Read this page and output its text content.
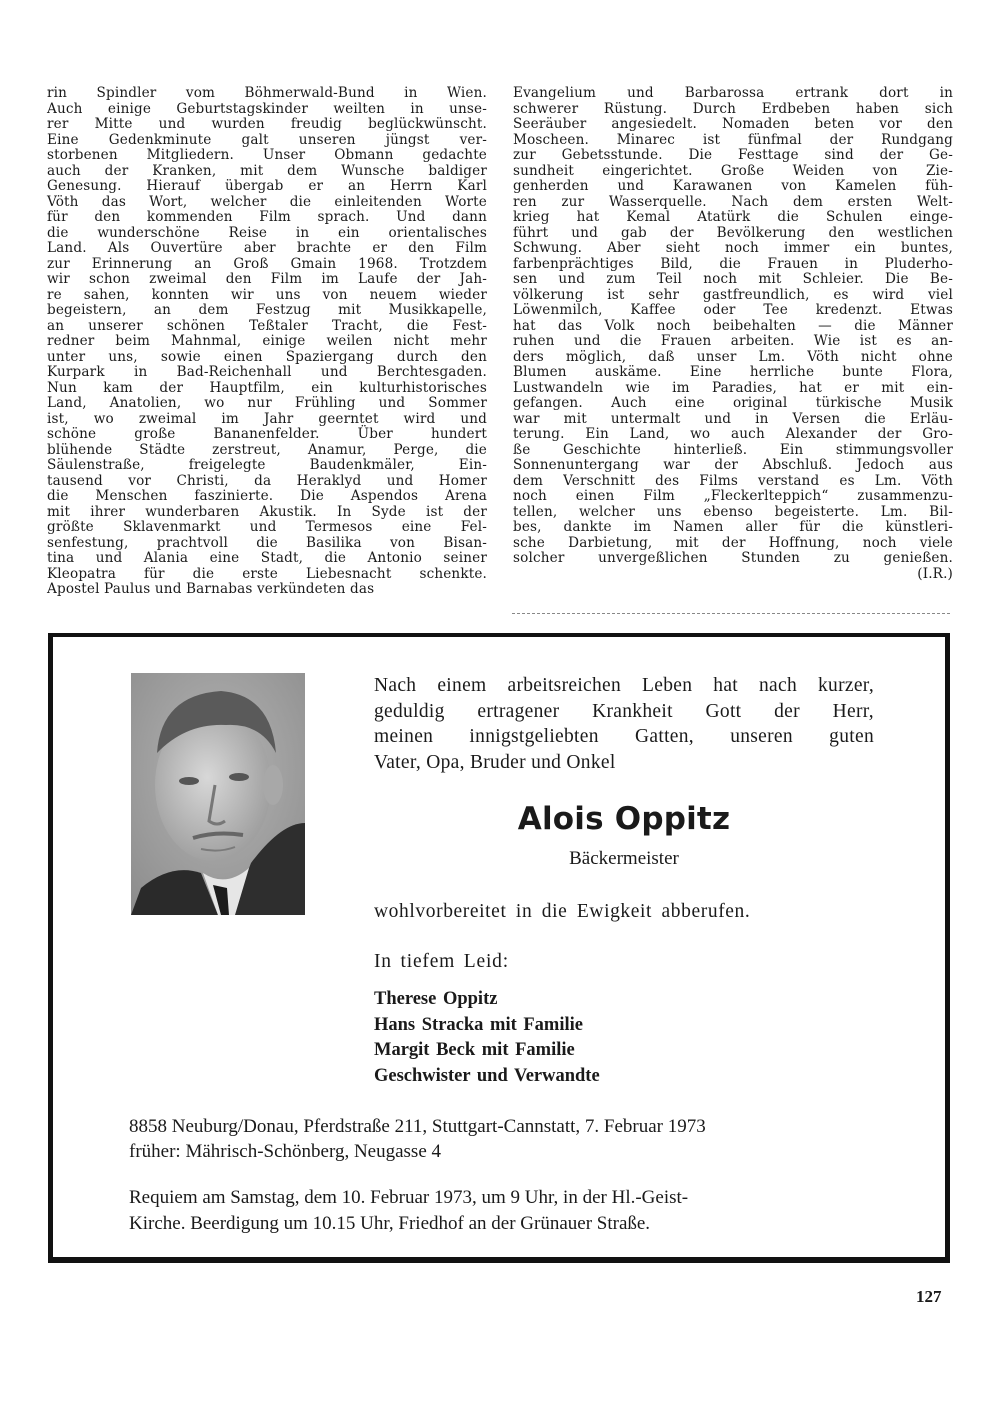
rin Spindler vom Böhmerwald-Bund in Wien.
Auch einige Geburtstagskinder weilten in unse-
rer Mitte und wurden freudig beglückwünscht.
Eine Gedenkminute galt unseren jüngst ver-
storbenen Mitgliedern. Unser Obmann gedachte
auch der Kranken, mit dem Wunsche baldiger
Genesung. Hierauf übergab er an Herrn Karl
Vöth das Wort, welcher die einleitenden Worte
für den kommenden Film sprach. Und dann
die wunderschöne Reise in ein orientalisches
Land. Als Ouvertüre aber brachte er den Film
zur Erinnerung an Groß Gmain 1968. Trotzdem
wir schon zweimal den Film im Laufe der Jah-
re sahen, konnten wir uns von neuem wieder
begeistern, an dem Festzug mit Musikkapelle,
an unserer schönen Teßtaler Tracht, die Fest-
redner beim Mahnmal, einige weilen nicht mehr
unter uns, sowie einen Spaziergang durch den
Kurpark in Bad-Reichenhall und Berchtesgaden.
Nun kam der Hauptfilm, ein kulturhistorisches
Land, Anatolien, wo nur Frühling und Sommer
ist, wo zweimal im Jahr geerntet wird und
schöne große Bananenfelder. Über hundert
blühende Städte zerstreut, Anamur, Perge, die
Säulenstraße, freigelegte Baudenkmäler, Ein-
tausend vor Christi, da Heraklyd und Homer
die Menschen faszinierte. Die Aspendos Arena
mit ihrer wunderbaren Akustik. In Syde ist der
größte Sklavenmarkt und Termesos eine Fel-
senfestung, prachtvoll die Basilika von Bisan-
tina und Alania eine Stadt, die Antonio seiner
Kleopatra für die erste Liebesnacht schenkte.
Apostel Paulus und Barnabas verkündeten das
Evangelium und Barbarossa ertrank dort in
schwerer Rüstung. Durch Erdbeben haben sich
Seeräuber angesiedelt. Nomaden beten vor den
Moscheen. Minarec ist fünfmal der Rundgang
zur Gebetsstunde. Die Festtage sind der Ge-
sundheit eingerichtet. Große Weiden von Zie-
genherden und Karawanen von Kamelen füh-
ren zur Wasserquelle. Nach dem ersten Welt-
krieg hat Kemal Atatürk die Schulen einge-
führt und gab der Bevölkerung den westlichen
Schwung. Aber sieht noch immer ein buntes,
farbenprächtiges Bild, die Frauen in Pluderho-
sen und zum Teil noch mit Schleier. Die Be-
völkerung ist sehr gastfreundlich, es wird viel
Löwenmilch, Kaffee oder Tee kredenzt. Etwas
hat das Volk noch beibehalten — die Männer
ruhen und die Frauen arbeiten. Wie ist es an-
ders möglich, daß unser Lm. Vöth nicht ohne
Blumen auskäme. Eine herrliche bunte Flora,
Lustwandeln wie im Paradies, hat er mit ein-
gefangen. Auch eine original türkische Musik
war mit untermalt und in Versen die Erläu-
terung. Ein Land, wo auch Alexander der Gro-
ße Geschichte hinterließ. Ein stimmungsvoller
Sonnenuntergang war der Abschluß. Jedoch aus
dem Verschnitt des Films verstand es Lm. Vöth
noch einen Film „Fleckerlteppich“ zusammenzu-
tellen, welcher uns ebenso begeisterte. Lm. Bil-
bes, dankte im Namen aller für die künstleri-
sche Darbietung, mit der Hoffnung, noch viele
solcher unvergeßlichen Stunden zu genießen.
(I.R.)
Nach einem arbeitsreichen Leben hat nach kurzer,
geduldig ertragener Krankheit Gott der Herr,
meinen innigstgeliebten Gatten, unseren guten
Vater, Opa, Bruder und Onkel
Alois Oppitz
Bäckermeister
wohlvorbereitet in die Ewigkeit abberufen.
In tiefem Leid:
Therese Oppitz
Hans Stracka mit Familie
Margit Beck mit Familie
Geschwister und Verwandte
8858 Neuburg/Donau, Pferdstraße 211, Stuttgart-Cannstatt, 7. Februar 1973
früher: Mährisch-Schönberg, Neugasse 4
Requiem am Samstag, dem 10. Februar 1973, um 9 Uhr, in der Hl.-Geist-
Kirche. Beerdigung um 10.15 Uhr, Friedhof an der Grünauer Straße.
127
